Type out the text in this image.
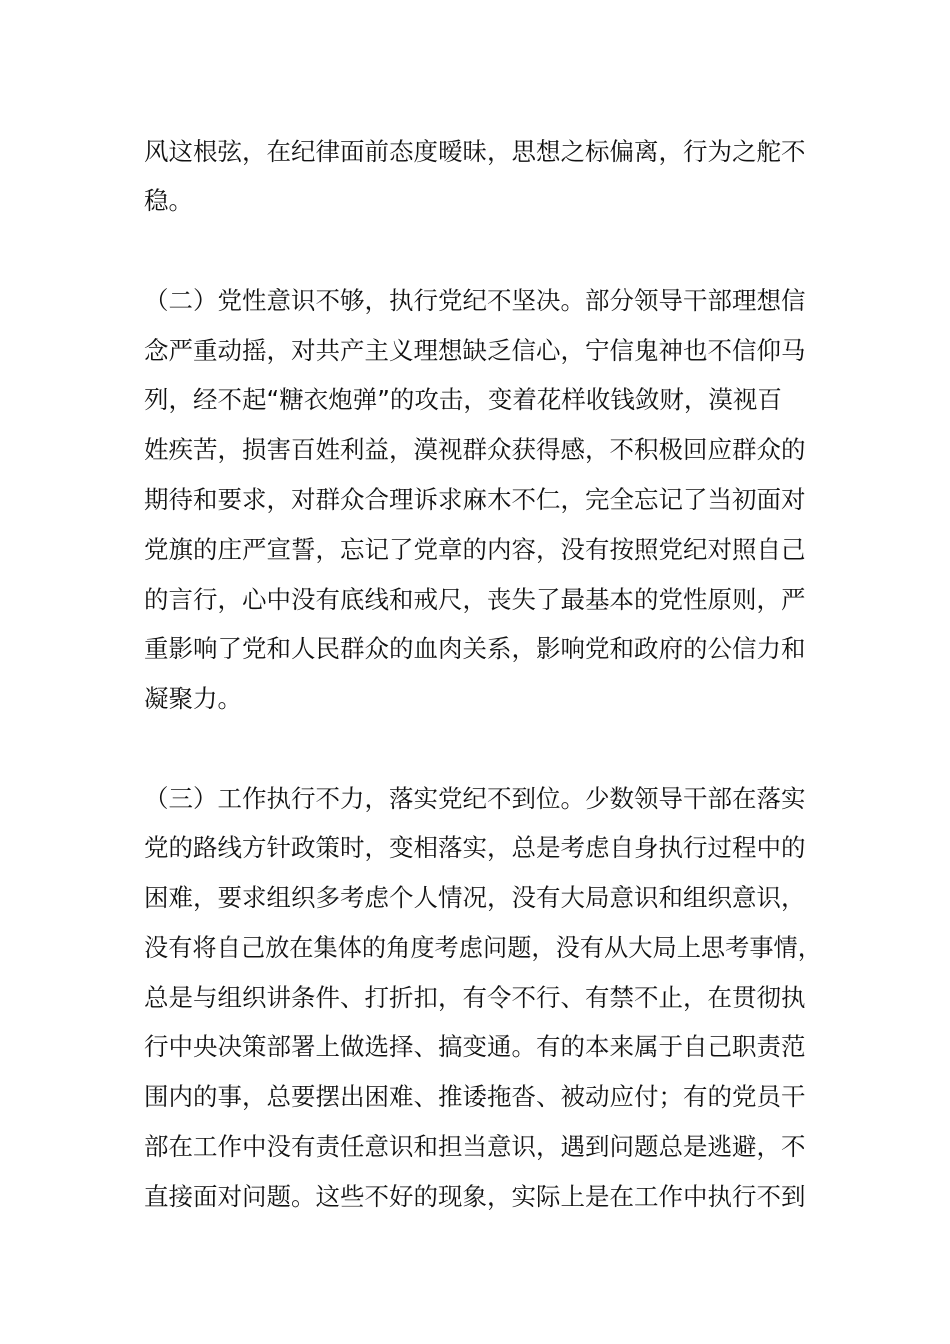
风这根弦，在纪律面前态度暧昧，思想之标偏离，行为之舵不
稳。
（二）党性意识不够，执行党纪不坚决。部分领导干部理想信
念严重动摇，对共产主义理想缺乏信心，宁信鬼神也不信仰马
列，经不起“糖衣炮弹”的攻击，变着花样收钱敛财，漠视百
姓疾苦，损害百姓利益，漠视群众获得感，不积极回应群众的
期待和要求，对群众合理诉求麻木不仁，完全忘记了当初面对
党旗的庄严宣誓，忘记了党章的内容，没有按照党纪对照自己
的言行，心中没有底线和戒尺，丧失了最基本的党性原则，严
重影响了党和人民群众的血肉关系，影响党和政府的公信力和
凝聚力。
（三）工作执行不力，落实党纪不到位。少数领导干部在落实
党的路线方针政策时，变相落实，总是考虑自身执行过程中的
困难，要求组织多考虑个人情况，没有大局意识和组织意识，
没有将自己放在集体的角度考虑问题，没有从大局上思考事情，
总是与组织讲条件、打折扣，有令不行、有禁不止，在贯彻执
行中央决策部署上做选择、搞变通。有的本来属于自己职责范
围内的事，总要摆出困难、推诿拖沓、被动应付；有的党员干
部在工作中没有责任意识和担当意识，遇到问题总是逃避，不
直接面对问题。这些不好的现象，实际上是在工作中执行不到
